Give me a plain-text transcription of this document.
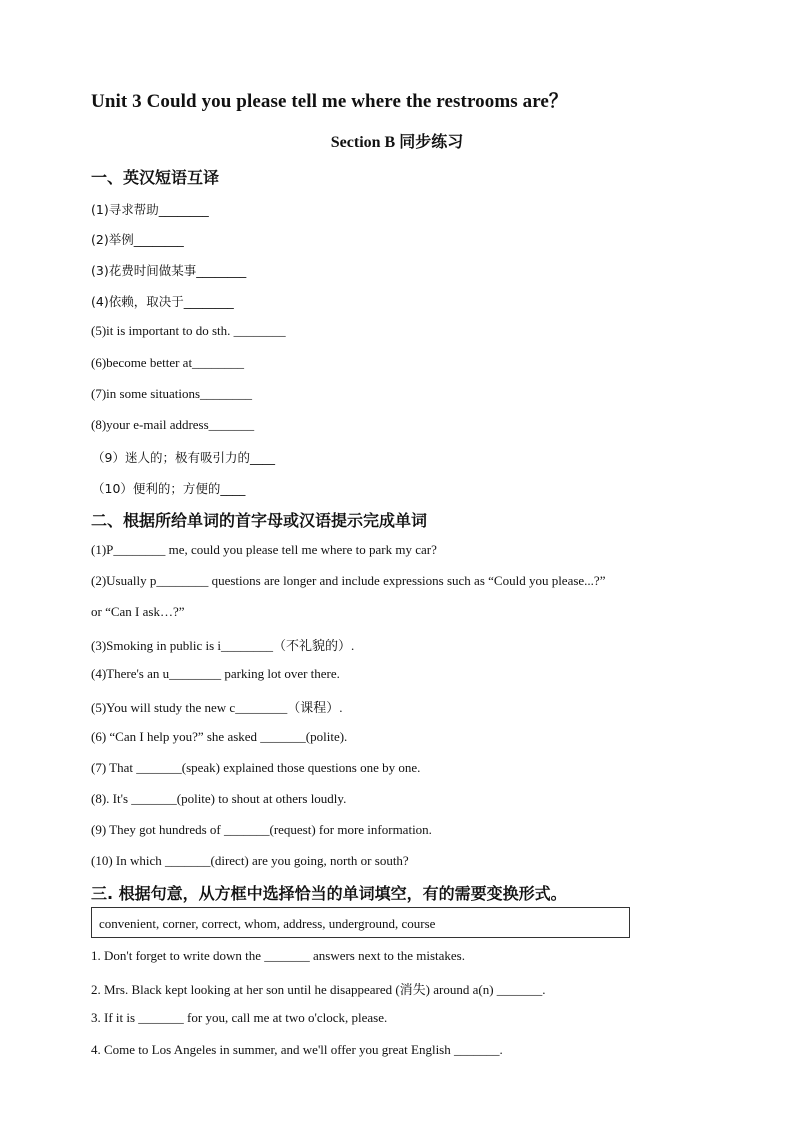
Unit 3 Could you please tell me where the restrooms are？
Section B 同步练习
一、英汉短语互译
(1)寻求帮助________
(2)举例________
(3)花费时间做某事________
(4)依赖，取决于________
(5)it is important to do sth. ________
(6)become better at________
(7)in some situations________
(8)your e-mail address_______
（9）迷人的；极有吸引力的____
（10）便利的；方便的____
二、根据所给单词的首字母或汉语提示完成单词
(1)P________ me, could you please tell me where to park my car?
(2)Usually p________ questions are longer and include expressions such as “Could you please...?”
or “Can I ask…?”
(3)Smoking in public is i________（不礼貌的）.
(4)There's an u________ parking lot over there.
(5)You will study the new c________（课程）.
(6) “Can I help you?” she asked _______(polite).
(7) That _______(speak) explained those questions one by one.
(8). It's _______(polite) to shout at others loudly.
(9) They got hundreds of _______(request) for more information.
(10) In which _______(direct) are you going, north or south?
三. 根据句意，从方框中选择恰当的单词填空，有的需要变换形式。
convenient, corner, correct, whom, address, underground, course
1. Don't forget to write down the _______ answers next to the mistakes.
2. Mrs. Black kept looking at her son until he disappeared (消失) around a(n) _______.
3. If it is _______ for you, call me at two o'clock, please.
4. Come to Los Angeles in summer, and we'll offer you great English _______.
